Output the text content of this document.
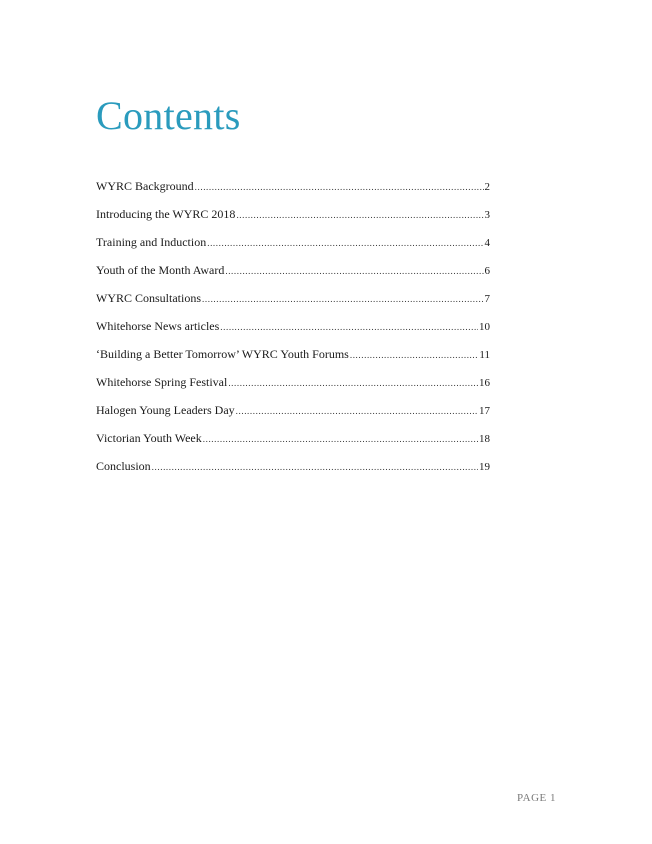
Contents
WYRC Background .....	2
Introducing the WYRC 2018 .....	3
Training and Induction .....	4
Youth of the Month Award .....	6
WYRC Consultations .....	7
Whitehorse News articles .....	10
‘Building a Better Tomorrow’ WYRC Youth Forums .....	11
Whitehorse Spring Festival .....	16
Halogen Young Leaders Day .....	17
Victorian Youth Week .....	18
Conclusion .....	19
PAGE 1
